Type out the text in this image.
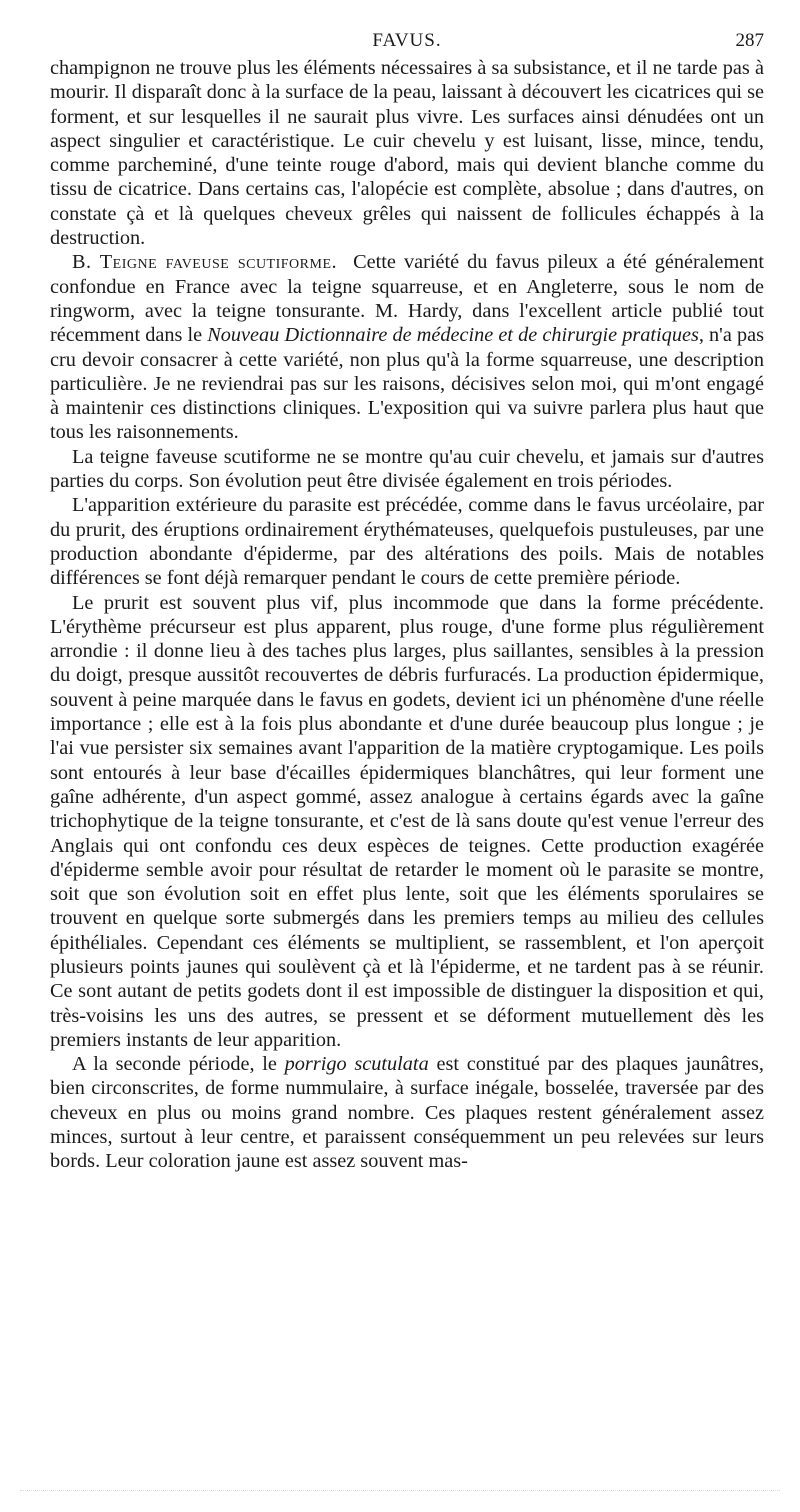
FAVUS.	287

champignon ne trouve plus les éléments nécessaires à sa subsistance, et il ne tarde pas à mourir. Il disparaît donc à la surface de la peau, laissant à découvert les cicatrices qui se forment, et sur lesquelles il ne saurait plus vivre. Les surfaces ainsi dénudées ont un aspect singulier et caractéristique. Le cuir chevelu y est luisant, lisse, mince, tendu, comme parcheminé, d'une teinte rouge d'abord, mais qui devient blanche comme du tissu de cicatrice. Dans certains cas, l'alopécie est complète, absolue ; dans d'autres, on constate çà et là quelques cheveux grêles qui naissent de follicules échappés à la destruction.

B. Teigne faveuse scutiforme. Cette variété du favus pileux a été généralement confondue en France avec la teigne squarreuse, et en Angleterre, sous le nom de ringworm, avec la teigne tonsurante. M. Hardy, dans l'excellent article publié tout récemment dans le Nouveau Dictionnaire de médecine et de chirurgie pratiques, n'a pas cru devoir consacrer à cette variété, non plus qu'à la forme squarreuse, une description particulière. Je ne reviendrai pas sur les raisons, décisives selon moi, qui m'ont engagé à maintenir ces distinctions cliniques. L'exposition qui va suivre parlera plus haut que tous les raisonnements.

La teigne faveuse scutiforme ne se montre qu'au cuir chevelu, et jamais sur d'autres parties du corps. Son évolution peut être divisée également en trois périodes.

L'apparition extérieure du parasite est précédée, comme dans le favus urcéolaire, par du prurit, des éruptions ordinairement érythémateuses, quelquefois pustuleuses, par une production abondante d'épiderme, par des altérations des poils. Mais de notables différences se font déjà remarquer pendant le cours de cette première période.

Le prurit est souvent plus vif, plus incommode que dans la forme précédente. L'érythème précurseur est plus apparent, plus rouge, d'une forme plus régulièrement arrondie : il donne lieu à des taches plus larges, plus saillantes, sensibles à la pression du doigt, presque aussitôt recouvertes de débris furfuracés. La production épidermique, souvent à peine marquée dans le favus en godets, devient ici un phénomène d'une réelle importance ; elle est à la fois plus abondante et d'une durée beaucoup plus longue ; je l'ai vue persister six semaines avant l'apparition de la matière cryptogamique. Les poils sont entourés à leur base d'écailles épidermiques blanchâtres, qui leur forment une gaîne adhérente, d'un aspect gommé, assez analogue à certains égards avec la gaîne trichophytique de la teigne tonsurante, et c'est de là sans doute qu'est venue l'erreur des Anglais qui ont confondu ces deux espèces de teignes. Cette production exagérée d'épiderme semble avoir pour résultat de retarder le moment où le parasite se montre, soit que son évolution soit en effet plus lente, soit que les éléments sporulaires se trouvent en quelque sorte submergés dans les premiers temps au milieu des cellules épithéliales. Cependant ces éléments se multiplient, se rassemblent, et l'on aperçoit plusieurs points jaunes qui soulèvent çà et là l'épiderme, et ne tardent pas à se réunir. Ce sont autant de petits godets dont il est impossible de distinguer la disposition et qui, très-voisins les uns des autres, se pressent et se déforment mutuellement dès les premiers instants de leur apparition.

A la seconde période, le porrigo scutulata est constitué par des plaques jaunâtres, bien circonscrites, de forme nummulaire, à surface inégale, bosselée, traversée par des cheveux en plus ou moins grand nombre. Ces plaques restent généralement assez minces, surtout à leur centre, et paraissent conséquemment un peu relevées sur leurs bords. Leur coloration jaune est assez souvent mas-
